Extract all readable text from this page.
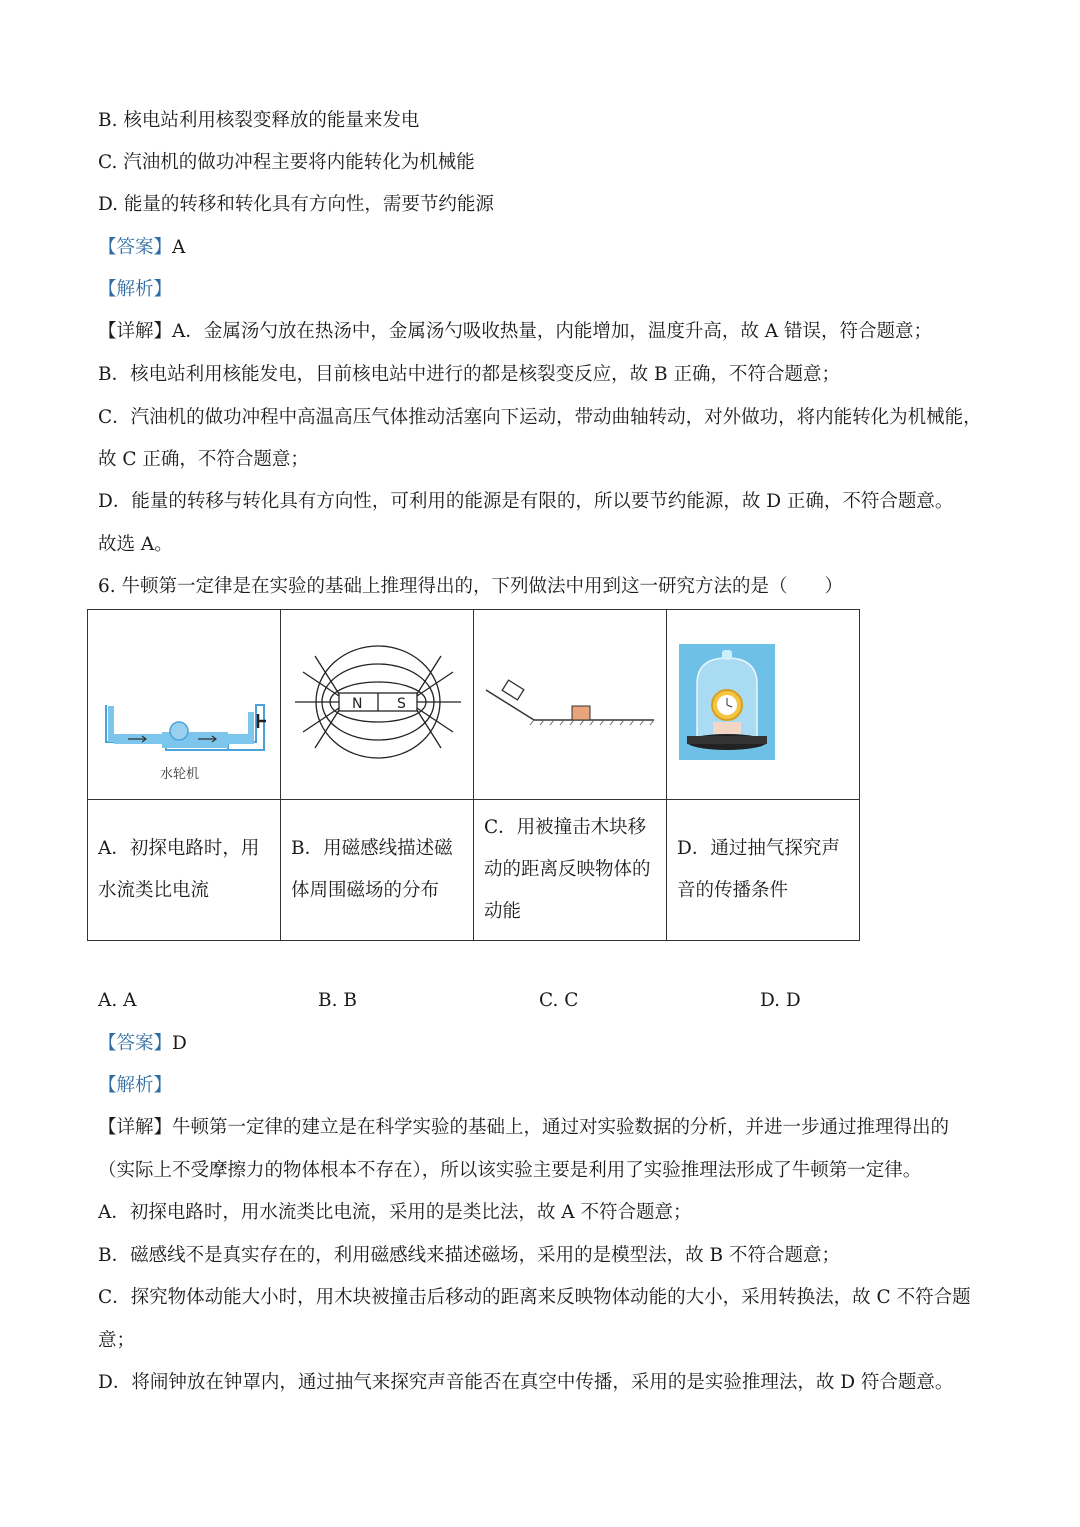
B. 核电站利用核裂变释放的能量来发电
C. 汽油机的做功冲程主要将内能转化为机械能
D. 能量的转移和转化具有方向性，需要节约能源
【答案】A
【解析】
【详解】A．金属汤勺放在热汤中，金属汤勺吸收热量，内能增加，温度升高，故 A 错误，符合题意；
B．核电站利用核能发电，目前核电站中进行的都是核裂变反应，故 B 正确，不符合题意；
C．汽油机的做功冲程中高温高压气体推动活塞向下运动，带动曲轴转动，对外做功，将内能转化为机械能，
故 C 正确，不符合题意；
D．能量的转移与转化具有方向性，可利用的能源是有限的，所以要节约能源，故 D 正确，不符合题意。
故选 A。
6. 牛顿第一定律是在实验的基础上推理得出的，下列做法中用到这一研究方法的是（　　）
水轮机	N S

A．初探电路时，用水流类比电流	B．用磁感线描述磁体周围磁场的分布	C．用被撞击木块移动的距离反映物体的动能	D．通过抽气探究声音的传播条件
A. A	B. B	C. C	D. D
【答案】D
【解析】
【详解】牛顿第一定律的建立是在科学实验的基础上，通过对实验数据的分析，并进一步通过推理得出的
（实际上不受摩擦力的物体根本不存在），所以该实验主要是利用了实验推理法形成了牛顿第一定律。
A．初探电路时，用水流类比电流，采用的是类比法，故 A 不符合题意；
B．磁感线不是真实存在的，利用磁感线来描述磁场，采用的是模型法，故 B 不符合题意；
C．探究物体动能大小时，用木块被撞击后移动的距离来反映物体动能的大小，采用转换法，故 C 不符合题
意；
D．将闹钟放在钟罩内，通过抽气来探究声音能否在真空中传播，采用的是实验推理法，故 D 符合题意。
